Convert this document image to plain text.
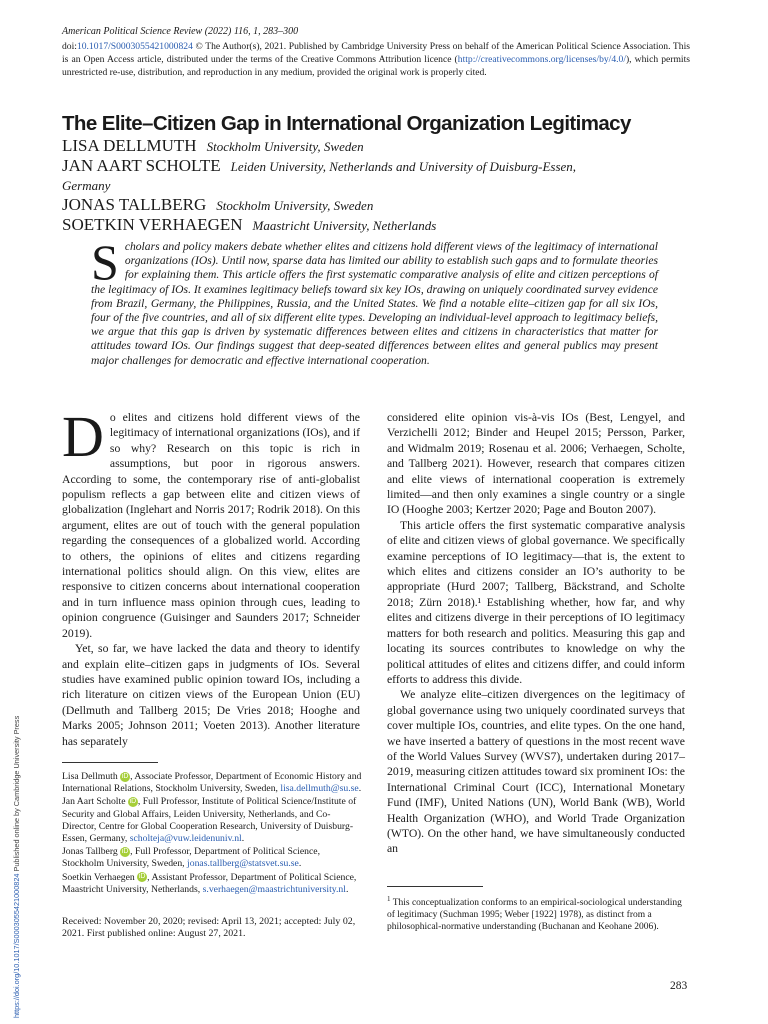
American Political Science Review (2022) 116, 1, 283–300
doi:10.1017/S0003055421000824 © The Author(s), 2021. Published by Cambridge University Press on behalf of the American Political Science Association. This is an Open Access article, distributed under the terms of the Creative Commons Attribution licence (http://creativecommons.org/licenses/by/4.0/), which permits unrestricted re-use, distribution, and reproduction in any medium, provided the original work is properly cited.
The Elite–Citizen Gap in International Organization Legitimacy
LISA DELLMUTH Stockholm University, Sweden
JAN AART SCHOLTE Leiden University, Netherlands and University of Duisburg-Essen,
Germany
JONAS TALLBERG Stockholm University, Sweden
SOETKIN VERHAEGEN Maastricht University, Netherlands
Scholars and policy makers debate whether elites and citizens hold different views of the legitimacy of international organizations (IOs). Until now, sparse data has limited our ability to establish such gaps and to formulate theories for explaining them. This article offers the first systematic comparative analysis of elite and citizen perceptions of the legitimacy of IOs. It examines legitimacy beliefs toward six key IOs, drawing on uniquely coordinated survey evidence from Brazil, Germany, the Philippines, Russia, and the United States. We find a notable elite–citizen gap for all six IOs, four of the five countries, and all of six different elite types. Developing an individual-level approach to legitimacy beliefs, we argue that this gap is driven by systematic differences between elites and citizens in characteristics that matter for attitudes toward IOs. Our findings suggest that deep-seated differences between elites and general publics may present major challenges for democratic and effective international cooperation.

Do elites and citizens hold different views of the legitimacy of international organizations (IOs), and if so why? Research on this topic is rich in assumptions, but poor in rigorous answers. According to some, the contemporary rise of anti-globalist populism reflects a gap between elite and citizen views of globalization (Inglehart and Norris 2017; Rodrik 2018). On this argument, elites are out of touch with the general population regarding the consequences of a globalized world. According to others, the opinions of elites and citizens regarding international politics should align. On this view, elites are responsive to citizen concerns about international cooperation and in turn influence mass opinion through cues, leading to opinion congruence (Guisinger and Saunders 2017; Schneider 2019).

Yet, so far, we have lacked the data and theory to identify and explain elite–citizen gaps in judgments of IOs. Several studies have examined public opinion toward IOs, including a rich literature on citizen views of the European Union (EU) (Dellmuth and Tallberg 2015; De Vries 2018; Hooghe and Marks 2005; Johnson 2011; Voeten 2013). Another literature has separately

considered elite opinion vis-à-vis IOs (Best, Lengyel, and Verzichelli 2012; Binder and Heupel 2015; Persson, Parker, and Widmalm 2019; Rosenau et al. 2006; Verhaegen, Scholte, and Tallberg 2021). However, research that compares citizen and elite views of international cooperation is extremely limited—and then only examines a single country or a single IO (Hooghe 2003; Kertzer 2020; Page and Bouton 2007).

This article offers the first systematic comparative analysis of elite and citizen views of global governance. We specifically examine perceptions of IO legitimacy—that is, the extent to which elites and citizens consider an IO’s authority to be appropriate (Hurd 2007; Tallberg, Bäckstrand, and Scholte 2018; Zürn 2018).¹ Establishing whether, how far, and why elites and citizens diverge in their perceptions of IO legitimacy matters for both research and politics. Measuring this gap and locating its sources contributes to knowledge on why the political attitudes of elites and citizens differ, and could inform efforts to address this divide.

We analyze elite–citizen divergences on the legitimacy of global governance using two uniquely coordinated surveys that cover multiple IOs, countries, and elite types. On the one hand, we have inserted a battery of questions in the most recent wave of the World Values Survey (WVS7), undertaken during 2017–2019, measuring citizen attitudes toward six prominent IOs: the International Criminal Court (ICC), International Monetary Fund (IMF), United Nations (UN), World Bank (WB), World Health Organization (WHO), and World Trade Organization (WTO). On the other hand, we have simultaneously conducted an

Lisa Dellmuth iD , Associate Professor, Department of Economic History and International Relations, Stockholm University, Sweden, lisa.dellmuth@su.se.

Jan Aart Scholte iD , Full Professor, Institute of Political Science/Institute of Security and Global Affairs, Leiden University, Netherlands, and Co-Director, Centre for Global Cooperation Research, University of Duisburg-Essen, Germany, scholteja@vuw.leidenuniv.nl.

Jonas Tallberg iD , Full Professor, Department of Political Science, Stockholm University, Sweden, jonas.tallberg@statsvet.su.se.

Soetkin Verhaegen iD , Assistant Professor, Department of Political Science, Maastricht University, Netherlands, s.verhaegen@maastrichtuniversity.nl.

Received: November 20, 2020; revised: April 13, 2021; accepted: July 02, 2021. First published online: August 27, 2021.
$^1$ This conceptualization conforms to an empirical-sociological understanding of legitimacy (Suchman 1995; Weber [1922] 1978), as distinct from a philosophical-normative understanding (Buchanan and Keohane 2006).
283
https://doi.org/10.1017/S0003055421000824 Published online by Cambridge University Press
